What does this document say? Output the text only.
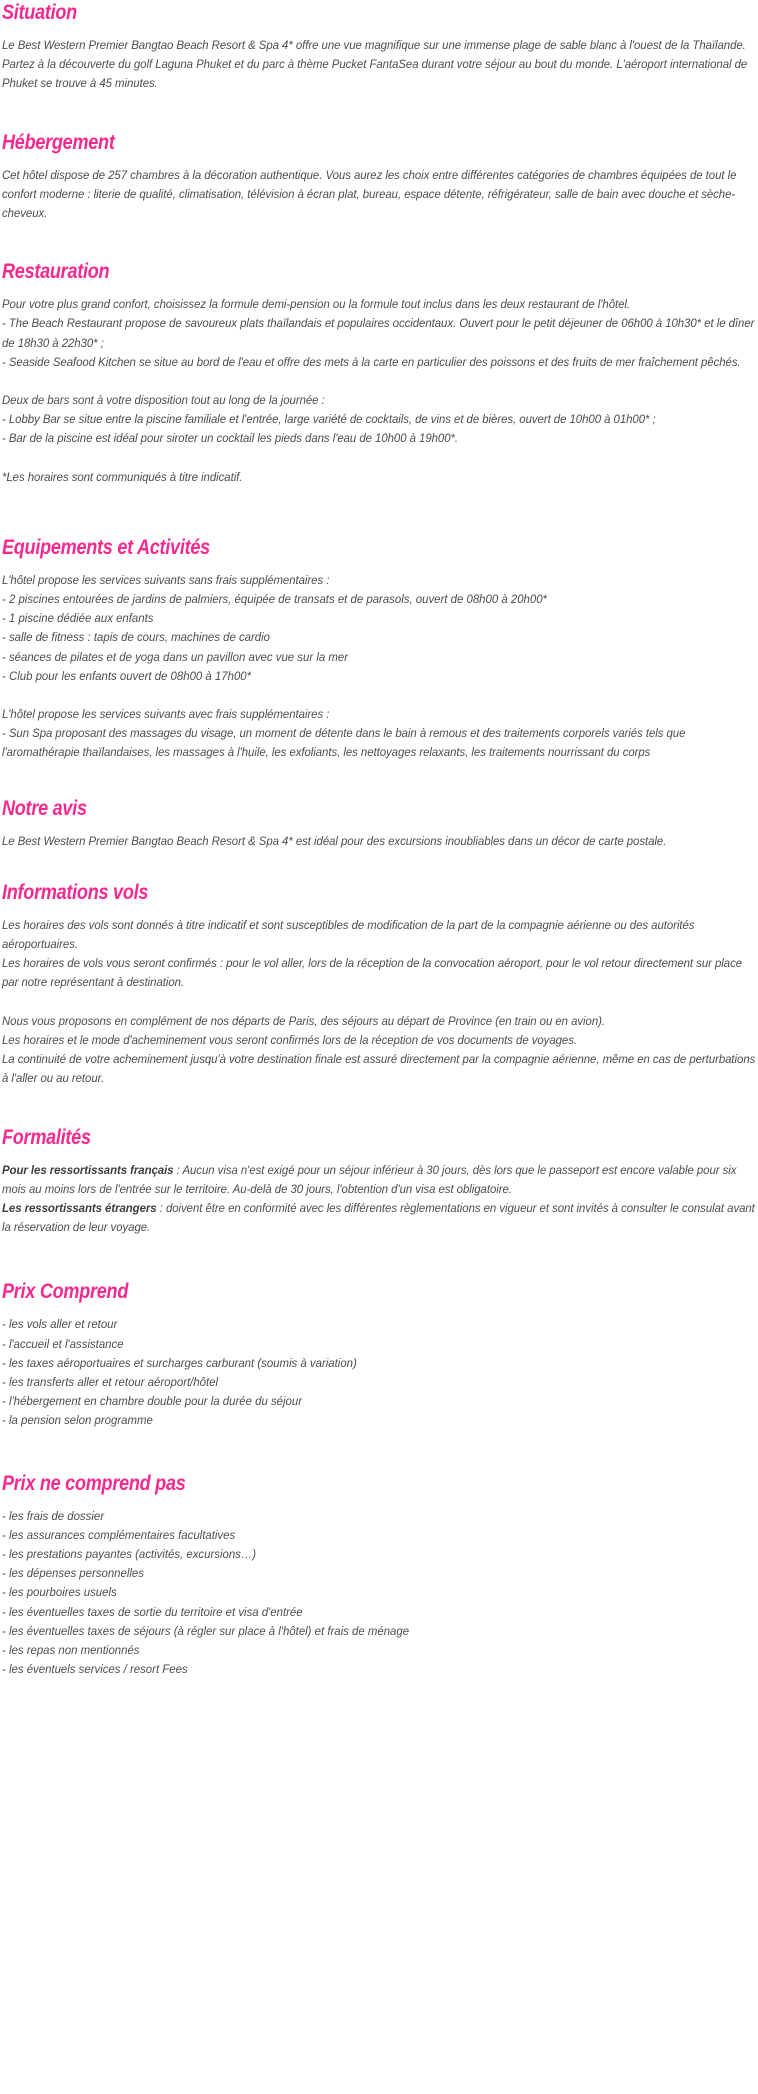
Situation

Le Best Western Premier Bangtao Beach Resort & Spa 4* offre une vue magnifique sur une immense plage de sable blanc à l'ouest de la Thaïlande. Partez à la découverte du golf Laguna Phuket et du parc à thème Pucket FantaSea durant votre séjour au bout du monde. L'aéroport international de Phuket se trouve à 45 minutes.

Hébergement

Cet hôtel dispose de 257 chambres à la décoration authentique. Vous aurez les choix entre différentes catégories de chambres équipées de tout le confort moderne : literie de qualité, climatisation, télévision à écran plat, bureau, espace détente, réfrigérateur, salle de bain avec douche et sèche-cheveux.

Restauration
Pour votre plus grand confort, choisissez la formule demi-pension ou la formule tout inclus dans les deux restaurant de l'hôtel.
- The Beach Restaurant propose de savoureux plats thaïlandais et populaires occidentaux. Ouvert pour le petit déjeuner de 06h00 à 10h30* et le dîner de 18h30 à 22h30* ;
- Seaside Seafood Kitchen se situe au bord de l'eau et offre des mets à la carte en particulier des poissons et des fruits de mer fraîchement pêchés.
Deux de bars sont à votre disposition tout au long de la journée :
- Lobby Bar se situe entre la piscine familiale et l'entrée, large variété de cocktails, de vins et de bières, ouvert de 10h00 à 01h00* ;
- Bar de la piscine est idéal pour siroter un cocktail les pieds dans l'eau de 10h00 à 19h00*.
*Les horaires sont communiqués à titre indicatif.
Equipements et Activités
L'hôtel propose les services suivants sans frais supplémentaires :
- 2 piscines entourées de jardins de palmiers, équipée de transats et de parasols, ouvert de 08h00 à 20h00*
- 1 piscine dédiée aux enfants
- salle de fitness : tapis de cours, machines de cardio
- séances de pilates et de yoga dans un pavillon avec vue sur la mer
- Club pour les enfants ouvert de 08h00 à 17h00*
L'hôtel propose les services suivants avec frais supplémentaires :
- Sun Spa proposant des massages du visage, un moment de détente dans le bain à remous et des traitements corporels variés tels que l'aromathérapie thaïlandaises, les massages à l'huile, les exfoliants, les nettoyages relaxants, les traitements nourrissant du corps
Notre avis

Le Best Western Premier Bangtao Beach Resort & Spa 4* est idéal pour des excursions inoubliables dans un décor de carte postale.

Informations vols
Les horaires des vols sont donnés à titre indicatif et sont susceptibles de modification de la part de la compagnie aérienne ou des autorités aéroportuaires.
Les horaires de vols vous seront confirmés : pour le vol aller, lors de la réception de la convocation aéroport, pour le vol retour directement sur place par notre représentant à destination.
Nous vous proposons en complément de nos départs de Paris, des séjours au départ de Province (en train ou en avion).
Les horaires et le mode d'acheminement vous seront confirmés lors de la réception de vos documents de voyages.
La continuité de votre acheminement jusqu'à votre destination finale est assuré directement par la compagnie aérienne, même en cas de perturbations à l'aller ou au retour.
Formalités
Pour les ressortissants français : Aucun visa n'est exigé pour un séjour inférieur à 30 jours, dès lors que le passeport est encore valable pour six mois au moins lors de l'entrée sur le territoire. Au-delà de 30 jours, l'obtention d'un visa est obligatoire.
Les ressortissants étrangers : doivent être en conformité avec les différentes règlementations en vigueur et sont invités à consulter le consulat avant la réservation de leur voyage.
Prix Comprend
- les vols aller et retour
- l'accueil et l'assistance
- les taxes aéroportuaires et surcharges carburant (soumis à variation)
- les transferts aller et retour aéroport/hôtel
- l'hébergement en chambre double pour la durée du séjour
- la pension selon programme
Prix ne comprend pas
- les frais de dossier
- les assurances complémentaires facultatives
- les prestations payantes (activités, excursions…)
- les dépenses personnelles
- les pourboires usuels
- les éventuelles taxes de sortie du territoire et visa d'entrée
- les éventuelles taxes de séjours (à régler sur place à l'hôtel) et frais de ménage
- les repas non mentionnés
- les éventuels services / resort Fees
